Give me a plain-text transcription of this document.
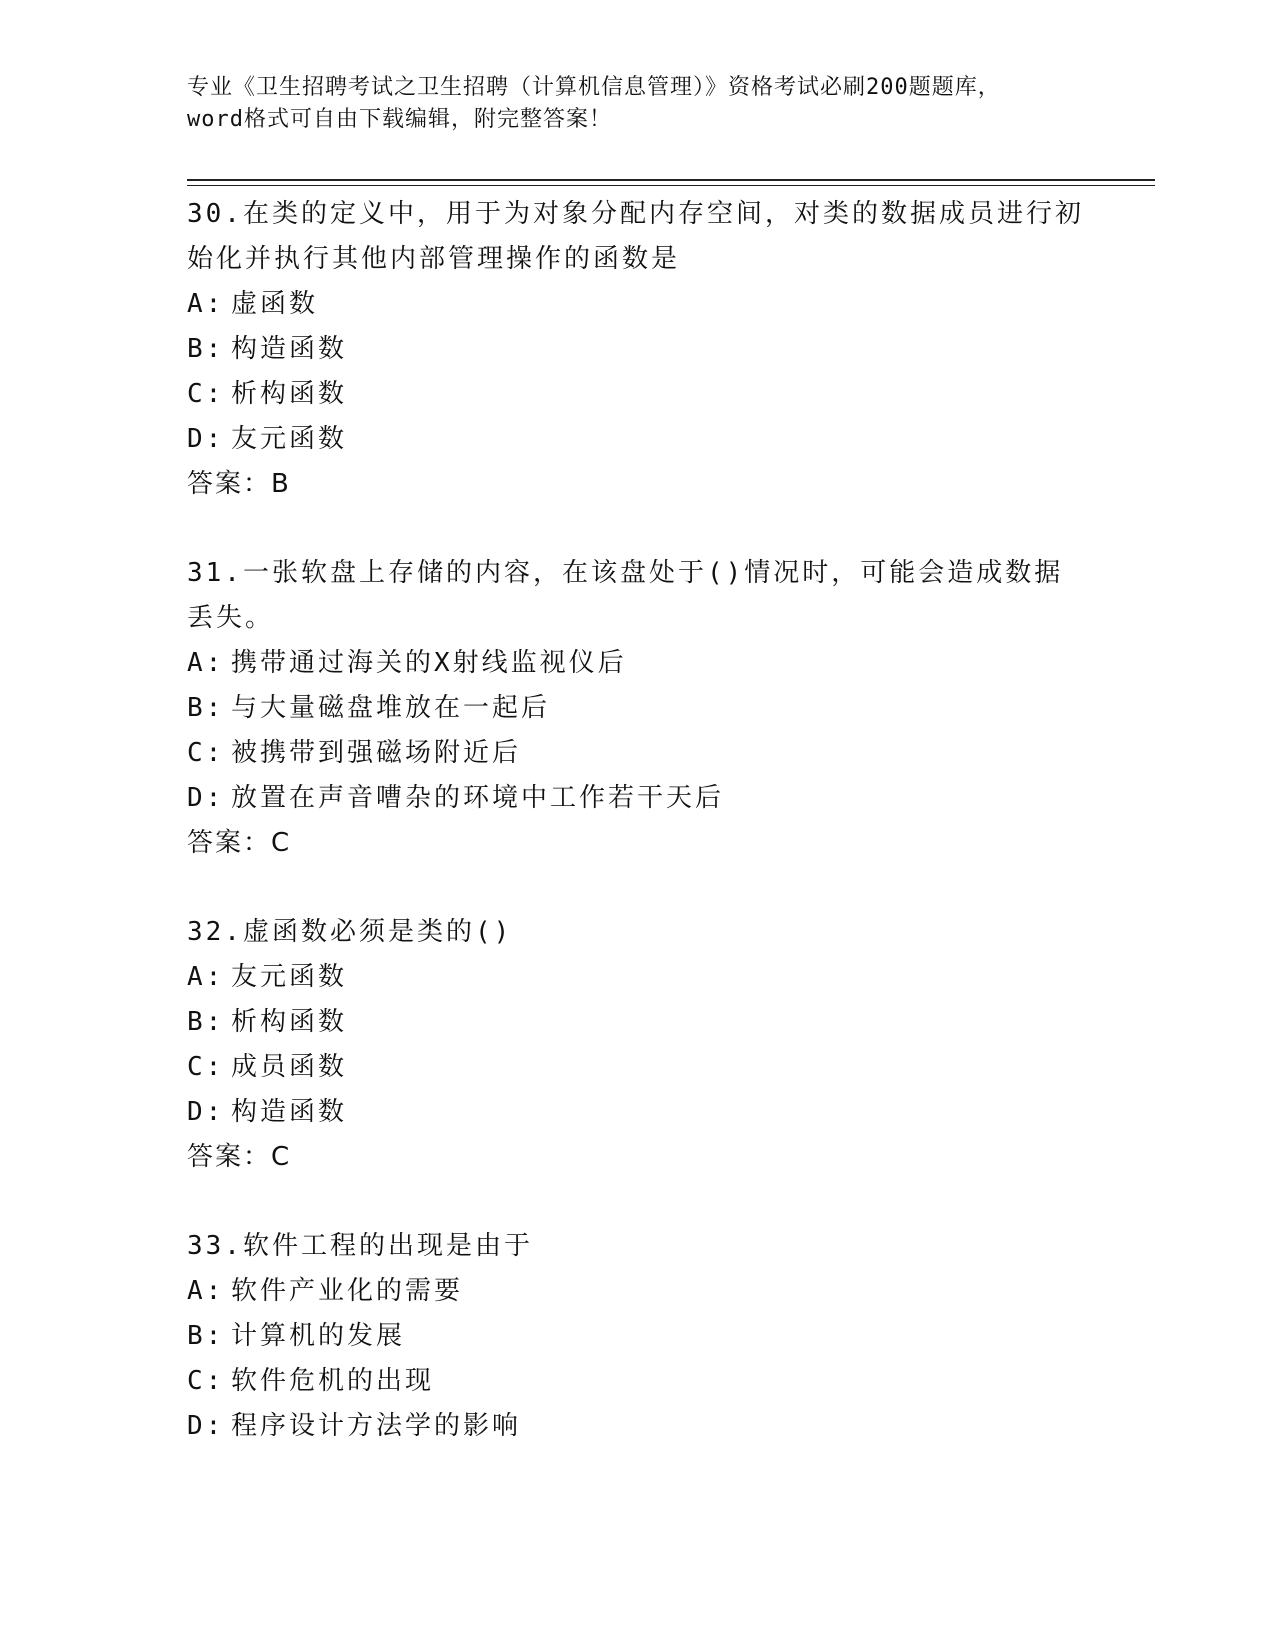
专业《卫生招聘考试之卫生招聘（计算机信息管理）》资格考试必刷200题题库，
word格式可自由下载编辑，附完整答案！
30.在类的定义中，用于为对象分配内存空间，对类的数据成员进行初始化并执行其他内部管理操作的函数是
A: 虚函数
B: 构造函数
C: 析构函数
D: 友元函数
答案：B
31.一张软盘上存储的内容，在该盘处于()情况时，可能会造成数据丢失。
A: 携带通过海关的X射线监视仪后
B: 与大量磁盘堆放在一起后
C: 被携带到强磁场附近后
D: 放置在声音嘈杂的环境中工作若干天后
答案：C
32.虚函数必须是类的()
A: 友元函数
B: 析构函数
C: 成员函数
D: 构造函数
答案：C
33.软件工程的出现是由于
A: 软件产业化的需要
B: 计算机的发展
C: 软件危机的出现
D: 程序设计方法学的影响
